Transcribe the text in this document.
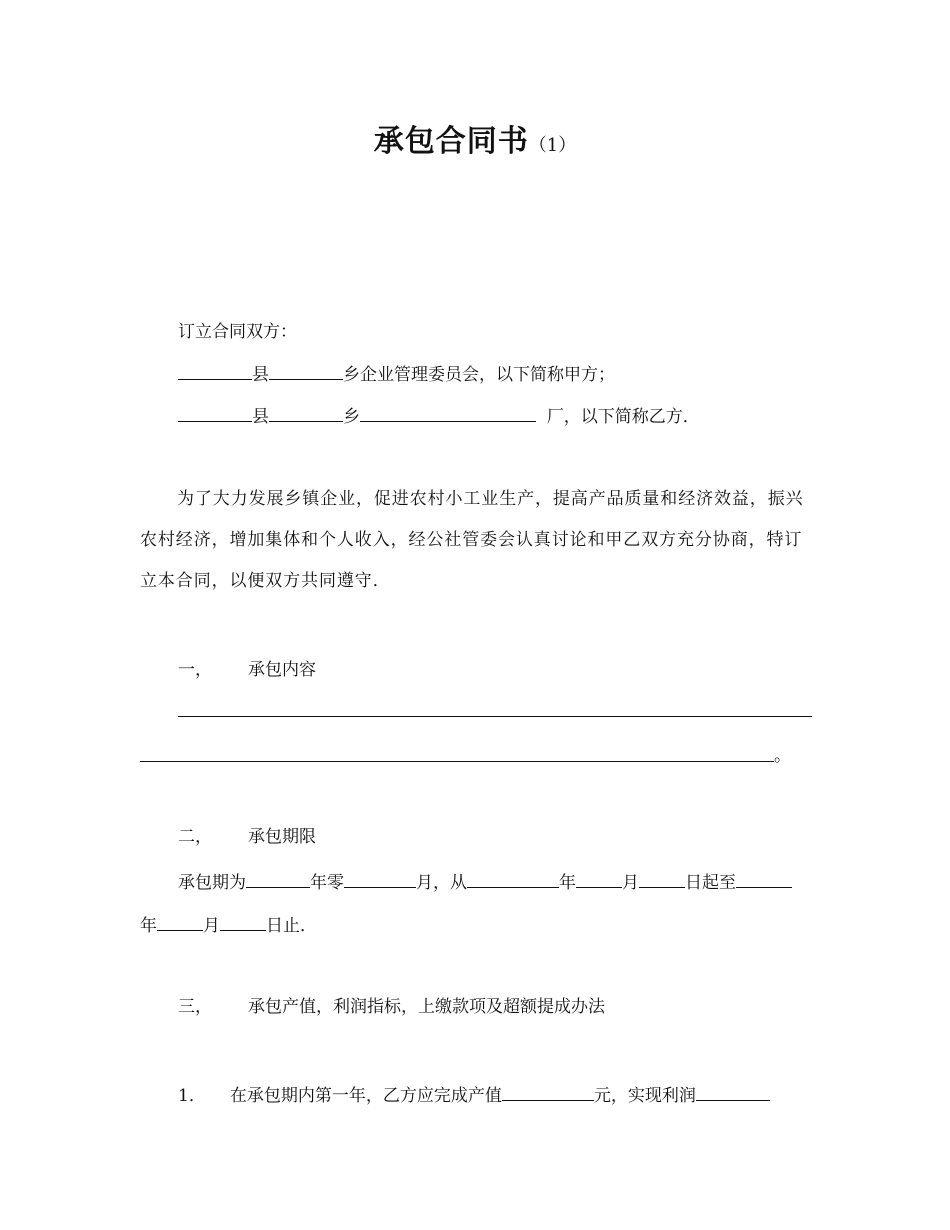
承包合同书（1）
订立合同双方：
县	乡企业管理委员会，以下简称甲方；
县	乡	厂，以下简称乙方．
为了大力发展乡镇企业，促进农村小工业生产，提高产品质量和经济效益，振兴农村经济，增加集体和个人收入，经公社管委会认真讨论和甲乙双方充分协商，特订立本合同，以便双方共同遵守．
一， 承包内容
。
二， 承包期限
承包期为	年零	月，从	年	月	日起至
年	月	日止．
三， 承包产值，利润指标，上缴款项及超额提成办法
1． 在承包期内第一年，乙方应完成产值	元，实现利润
